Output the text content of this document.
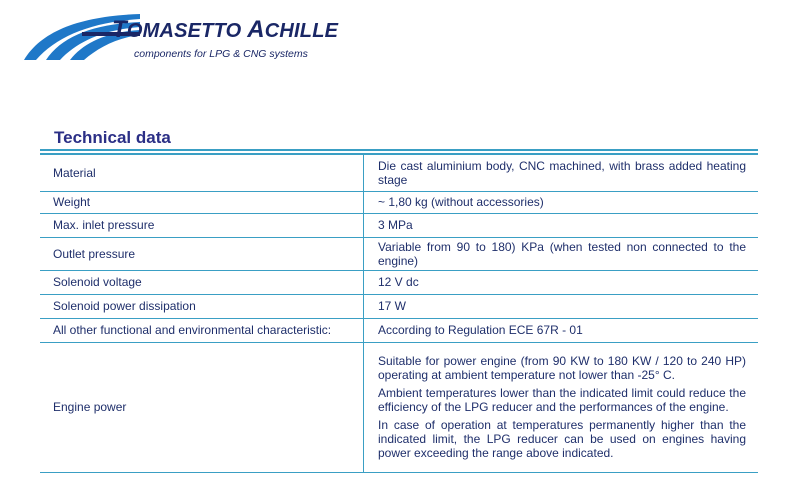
TOMASETTO ACHILLE
components for LPG & CNG systems
Technical data
Material	Die cast aluminium body, CNC machined, with brass added heating stage

Weight	~ 1,80 kg (without accessories)

Max. inlet pressure	3 MPa

Outlet pressure	Variable from 90 to 180) KPa (when tested non connected to the engine)

Solenoid voltage	12 V dc

Solenoid power dissipation	17 W

All other functional and environmental characteristic:	According to Regulation ECE 67R - 01

Engine power	Suitable for power engine (from 90 KW to 180 KW / 120 to 240 HP) operating at ambient temperature not lower than -25° C.

Ambient temperatures lower than the indicated limit could reduce the efficiency of the LPG reducer and the performances of the engine.

In case of operation at temperatures permanently higher than the indicated limit, the LPG reducer can be used on engines having power exceeding the range above indicated.
